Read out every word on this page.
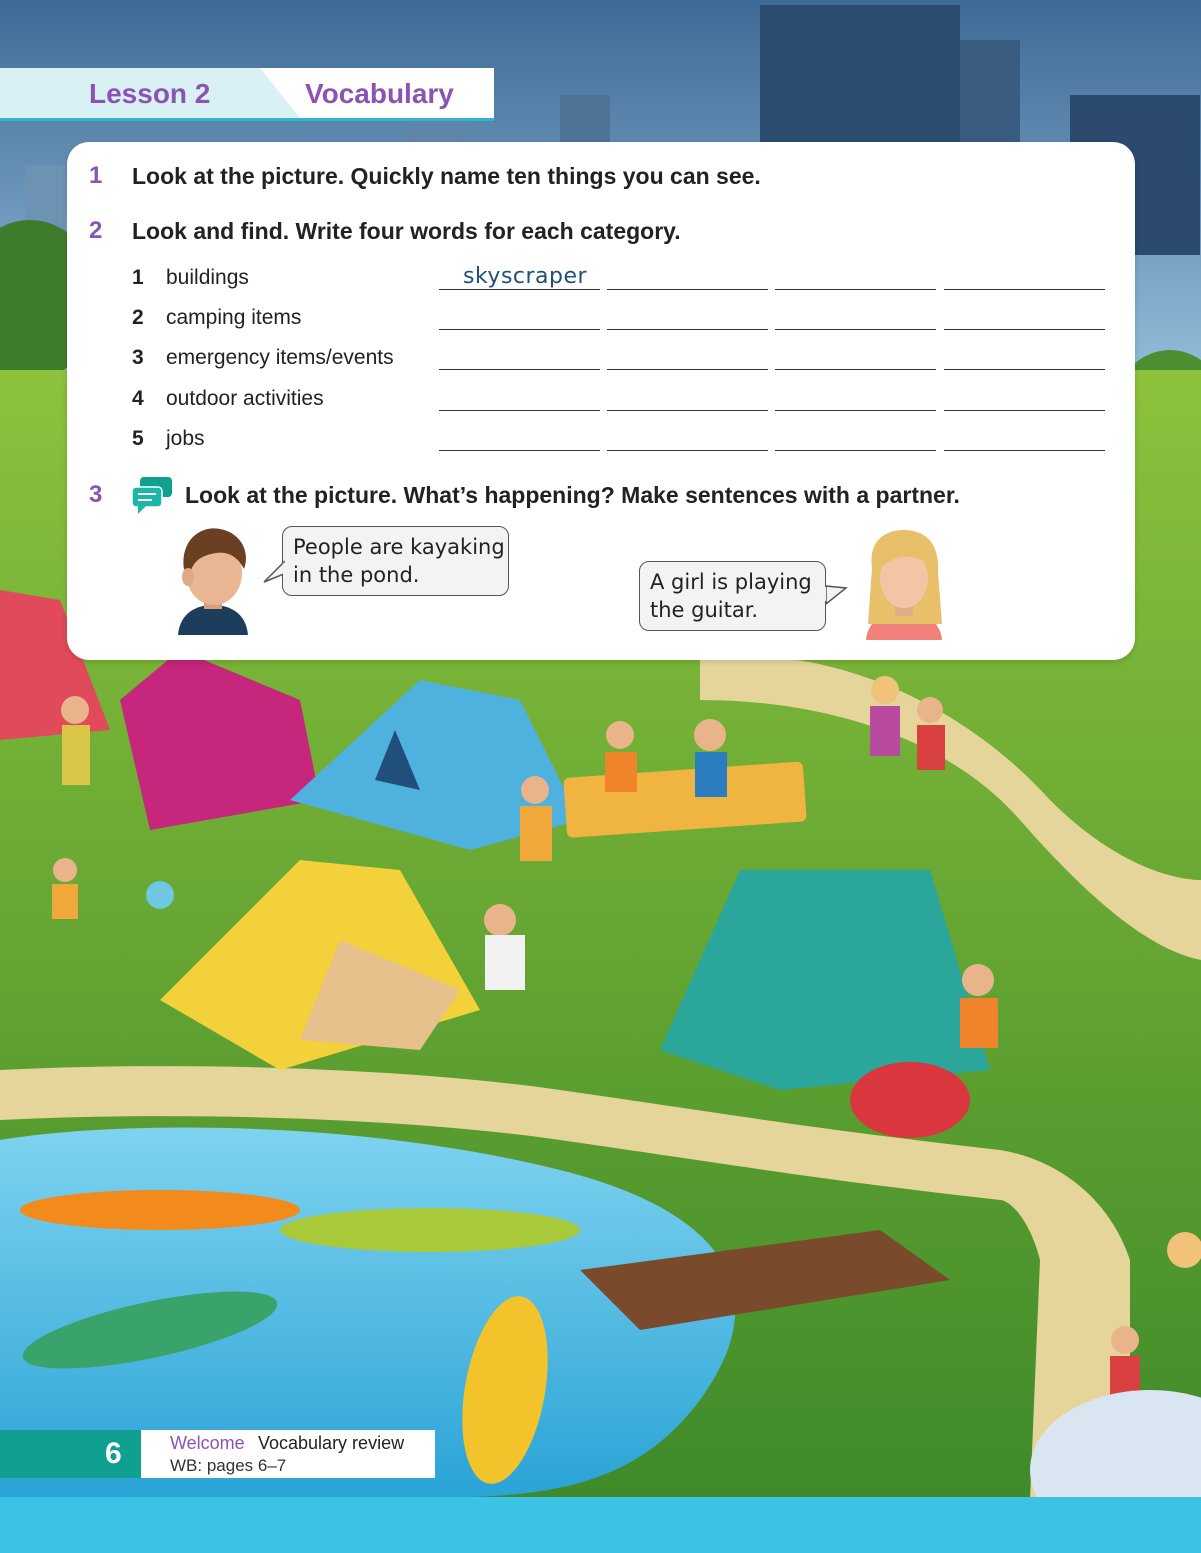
Lesson 2	Vocabulary
1 Look at the picture. Quickly name ten things you can see.
2 Look and find. Write four words for each category.
1 buildings	skyscraper
2 camping items
3 emergency items/events
4 outdoor activities
5 jobs
3	Look at the picture. What’s happening? Make sentences with a partner.
People are kayaking
in the pond.	A girl is playing
the guitar.
6	Welcome Vocabulary review
WB: pages 6–7
